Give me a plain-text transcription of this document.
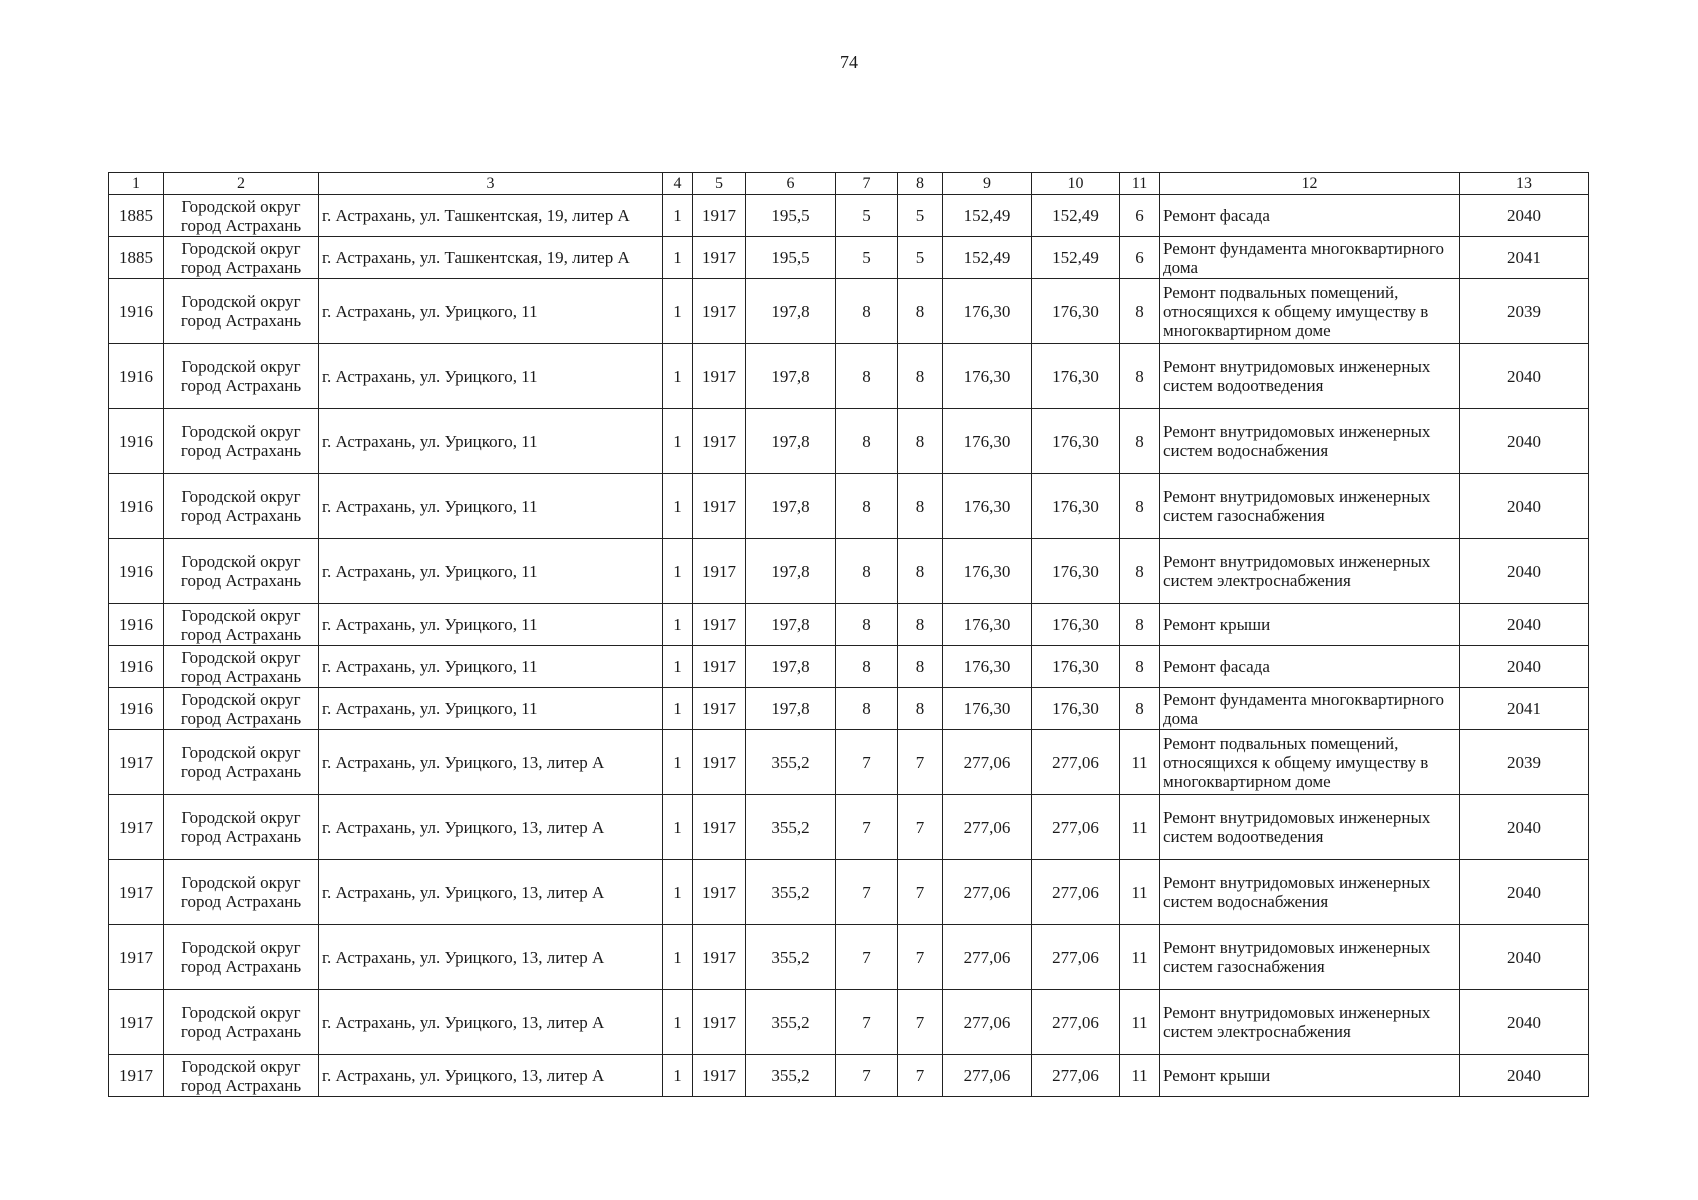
74
1	2	3	4	5	6	7	8	9	10	11	12	13
1885	Городской округ город Астрахань	г. Астрахань, ул. Ташкентская, 19, литер А	1	1917	195,5	5	5	152,49	152,49	6	Ремонт фасада	2040
1885	Городской округ город Астрахань	г. Астрахань, ул. Ташкентская, 19, литер А	1	1917	195,5	5	5	152,49	152,49	6	Ремонт фундамента многоквартирного дома	2041
1916	Городской округ город Астрахань	г. Астрахань, ул. Урицкого, 11	1	1917	197,8	8	8	176,30	176,30	8	Ремонт подвальных помещений, относящихся к общему имуществу в многоквартирном доме	2039
1916	Городской округ город Астрахань	г. Астрахань, ул. Урицкого, 11	1	1917	197,8	8	8	176,30	176,30	8	Ремонт внутридомовых инженерных систем водоотведения	2040
1916	Городской округ город Астрахань	г. Астрахань, ул. Урицкого, 11	1	1917	197,8	8	8	176,30	176,30	8	Ремонт внутридомовых инженерных систем водоснабжения	2040
1916	Городской округ город Астрахань	г. Астрахань, ул. Урицкого, 11	1	1917	197,8	8	8	176,30	176,30	8	Ремонт внутридомовых инженерных систем газоснабжения	2040
1916	Городской округ город Астрахань	г. Астрахань, ул. Урицкого, 11	1	1917	197,8	8	8	176,30	176,30	8	Ремонт внутридомовых инженерных систем электроснабжения	2040
1916	Городской округ город Астрахань	г. Астрахань, ул. Урицкого, 11	1	1917	197,8	8	8	176,30	176,30	8	Ремонт крыши	2040
1916	Городской округ город Астрахань	г. Астрахань, ул. Урицкого, 11	1	1917	197,8	8	8	176,30	176,30	8	Ремонт фасада	2040
1916	Городской округ город Астрахань	г. Астрахань, ул. Урицкого, 11	1	1917	197,8	8	8	176,30	176,30	8	Ремонт фундамента многоквартирного дома	2041
1917	Городской округ город Астрахань	г. Астрахань, ул. Урицкого, 13, литер А	1	1917	355,2	7	7	277,06	277,06	11	Ремонт подвальных помещений, относящихся к общему имуществу в многоквартирном доме	2039
1917	Городской округ город Астрахань	г. Астрахань, ул. Урицкого, 13, литер А	1	1917	355,2	7	7	277,06	277,06	11	Ремонт внутридомовых инженерных систем водоотведения	2040
1917	Городской округ город Астрахань	г. Астрахань, ул. Урицкого, 13, литер А	1	1917	355,2	7	7	277,06	277,06	11	Ремонт внутридомовых инженерных систем водоснабжения	2040
1917	Городской округ город Астрахань	г. Астрахань, ул. Урицкого, 13, литер А	1	1917	355,2	7	7	277,06	277,06	11	Ремонт внутридомовых инженерных систем газоснабжения	2040
1917	Городской округ город Астрахань	г. Астрахань, ул. Урицкого, 13, литер А	1	1917	355,2	7	7	277,06	277,06	11	Ремонт внутридомовых инженерных систем электроснабжения	2040
1917	Городской округ город Астрахань	г. Астрахань, ул. Урицкого, 13, литер А	1	1917	355,2	7	7	277,06	277,06	11	Ремонт крыши	2040
